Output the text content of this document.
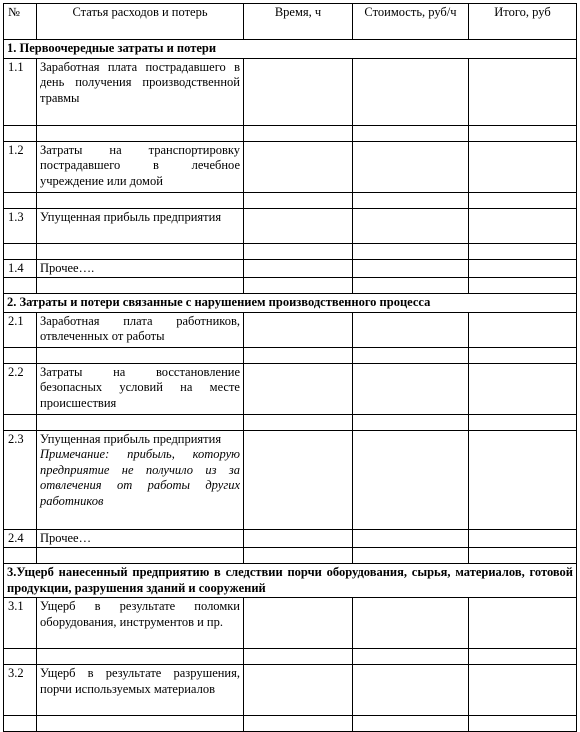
№	Статья расходов и потерь	Время, ч	Стоимость, руб/ч	Итого, руб
1. Первоочередные затраты и потери				
1.1	Заработная плата пострадавшего в день получения производственной травмы			

1.2	Затраты на транспортировку пострадавшего в лечебное учреждение или домой			

1.3	Упущенная прибыль предприятия			

1.4	Прочее….			

2. Затраты и потери связанные с нарушением производственного процесса				
2.1	Заработная плата работников, отвлеченных от работы			

2.2	Затраты на восстановление безопасных условий на месте происшествия			

2.3	Упущенная прибыль предприятия
Примечание: прибыль, которую предприятие не получило из за отвлечения от работы других работников			

2.4	Прочее…			

3.Ущерб нанесенный предприятию в следствии порчи оборудования, сырья, материалов, готовой продукции, разрушения зданий и сооружений				
3.1	Ущерб в результате поломки оборудования, инструментов и пр.			

3.2	Ущерб в результате разрушения, порчи используемых материалов			
